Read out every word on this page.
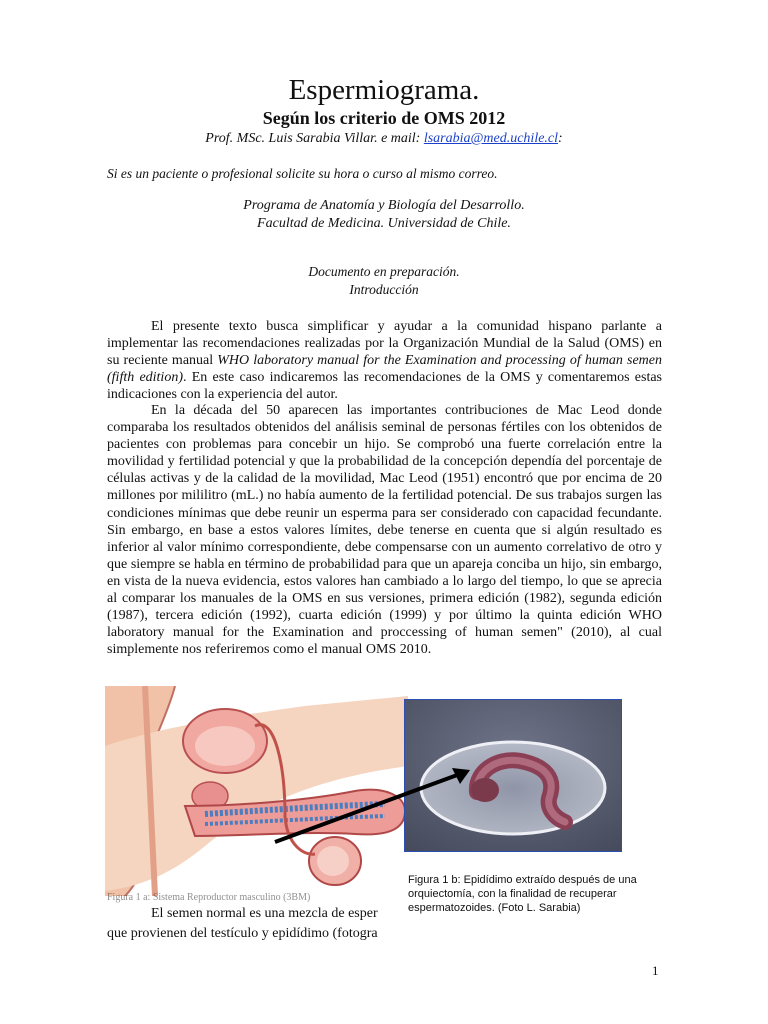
Espermiograma.
Según los criterio de OMS 2012
Prof. MSc. Luis Sarabia Villar. e mail: lsarabia@med.uchile.cl:
Si es un paciente o profesional solicite su hora o curso al mismo correo.
Programa de Anatomía y Biología del Desarrollo.
Facultad de Medicina. Universidad de Chile.
Documento en preparación.
Introducción

El presente texto busca simplificar y ayudar a la comunidad hispano parlante a implementar las recomendaciones realizadas por la Organización Mundial de la Salud (OMS) en su reciente manual WHO laboratory manual for the Examination and processing of human semen (fifth edition). En este caso indicaremos las recomendaciones de la OMS y comentaremos estas indicaciones con la experiencia del autor.

En la década del 50 aparecen las importantes contribuciones de Mac Leod donde comparaba los resultados obtenidos del análisis seminal de personas fértiles con los obtenidos de pacientes con problemas para concebir un hijo. Se comprobó una fuerte correlación entre la movilidad y fertilidad potencial y que la probabilidad de la concepción dependía del porcentaje de células activas y de la calidad de la movilidad, Mac Leod (1951) encontró que por encima de 20 millones por mililitro (mL.) no había aumento de la fertilidad potencial. De sus trabajos surgen las condiciones mínimas que debe reunir un esperma para ser considerado con capacidad fecundante. Sin embargo, en base a estos valores límites, debe tenerse en cuenta que si algún resultado es inferior al valor mínimo correspondiente, debe compensarse con un aumento correlativo de otro y que siempre se habla en término de probabilidad para que un apareja conciba un hijo, sin embargo, en vista de la nueva evidencia, estos valores han cambiado a lo largo del tiempo, lo que se aprecia al comparar los manuales de la OMS en sus versiones, primera edición (1982), segunda edición (1987), tercera edición (1992), cuarta edición (1999) y por último la quinta edición WHO laboratory manual for the Examination and proccessing of human semen" (2010), al cual simplemente nos referiremos como el manual OMS 2010.

Figura 1 a: Sistema Reproductor masculino (3BM)
Figura 1 b: Epidídimo extraído después de una orquiectomía, con la finalidad de recuperar espermatozoides. (Foto L. Sarabia)
El semen normal es una mezcla de esper
que provienen del testículo y epidídimo (fotogra
1
